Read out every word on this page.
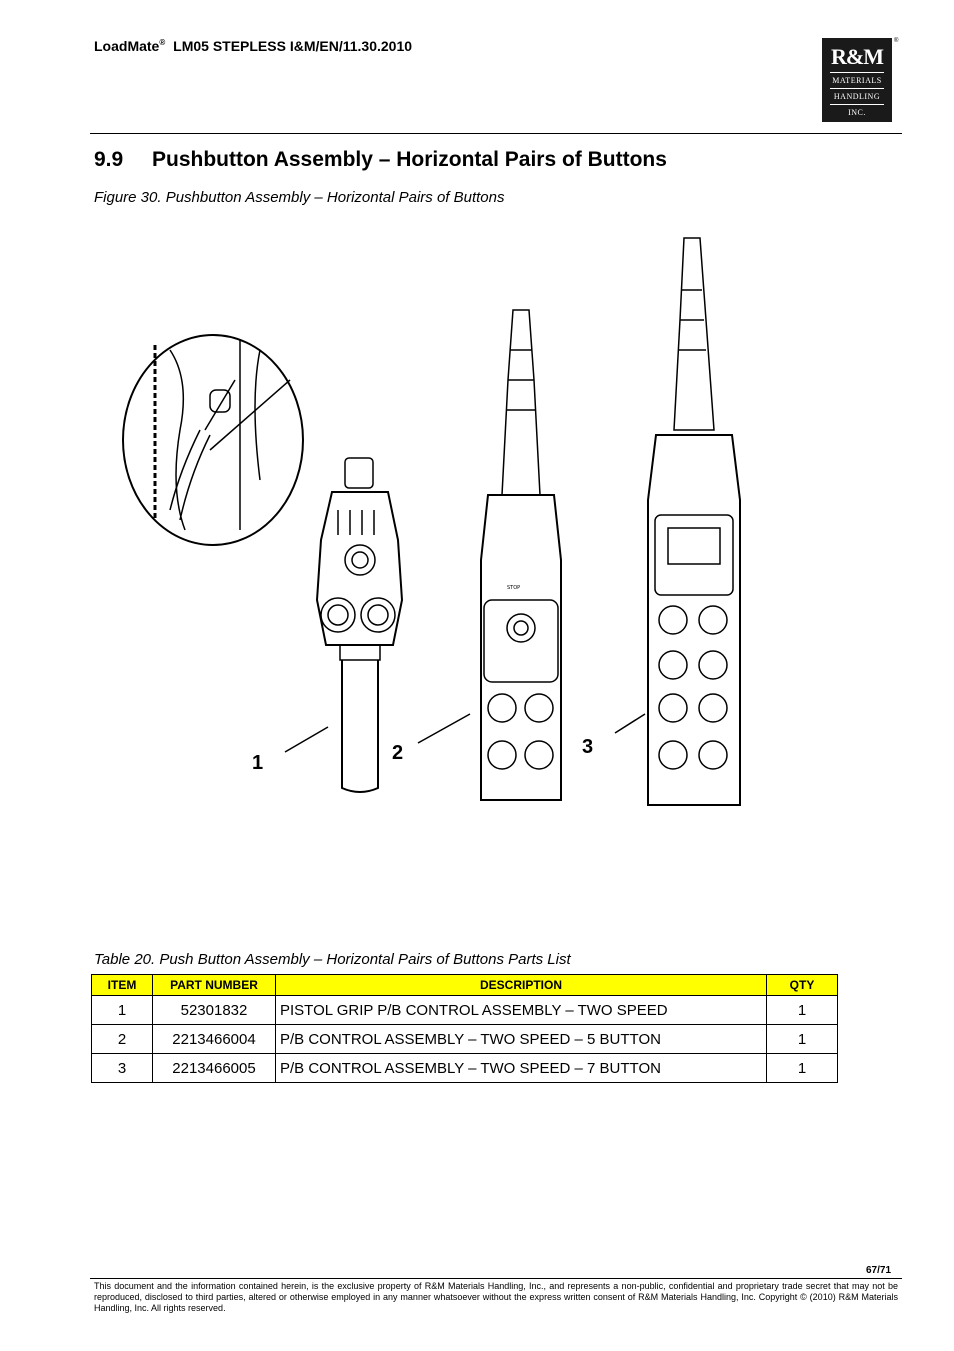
LoadMate® LM05 STEPLESS I&M/EN/11.30.2010	R&M
MATERIALS
HANDLING
INC.
®
9.9 Pushbutton Assembly – Horizontal Pairs of Buttons
Figure 30. Pushbutton Assembly – Horizontal Pairs of Buttons
STOP
1	2	3
Table 20. Push Button Assembly – Horizontal Pairs of Buttons Parts List
ITEM	PART NUMBER	DESCRIPTION	QTY
1	52301832	PISTOL GRIP P/B CONTROL ASSEMBLY – TWO SPEED	1
2	2213466004	P/B CONTROL ASSEMBLY – TWO SPEED – 5 BUTTON	1
3	2213466005	P/B CONTROL ASSEMBLY – TWO SPEED – 7 BUTTON	1
67/71
This document and the information contained herein, is the exclusive property of R&M Materials Handling, Inc., and represents a non-public, confidential and proprietary trade secret that may not be reproduced, disclosed to third parties, altered or otherwise employed in any manner whatsoever without the express written consent of R&M Materials Handling, Inc. Copyright © (2010) R&M Materials Handling, Inc. All rights reserved.
